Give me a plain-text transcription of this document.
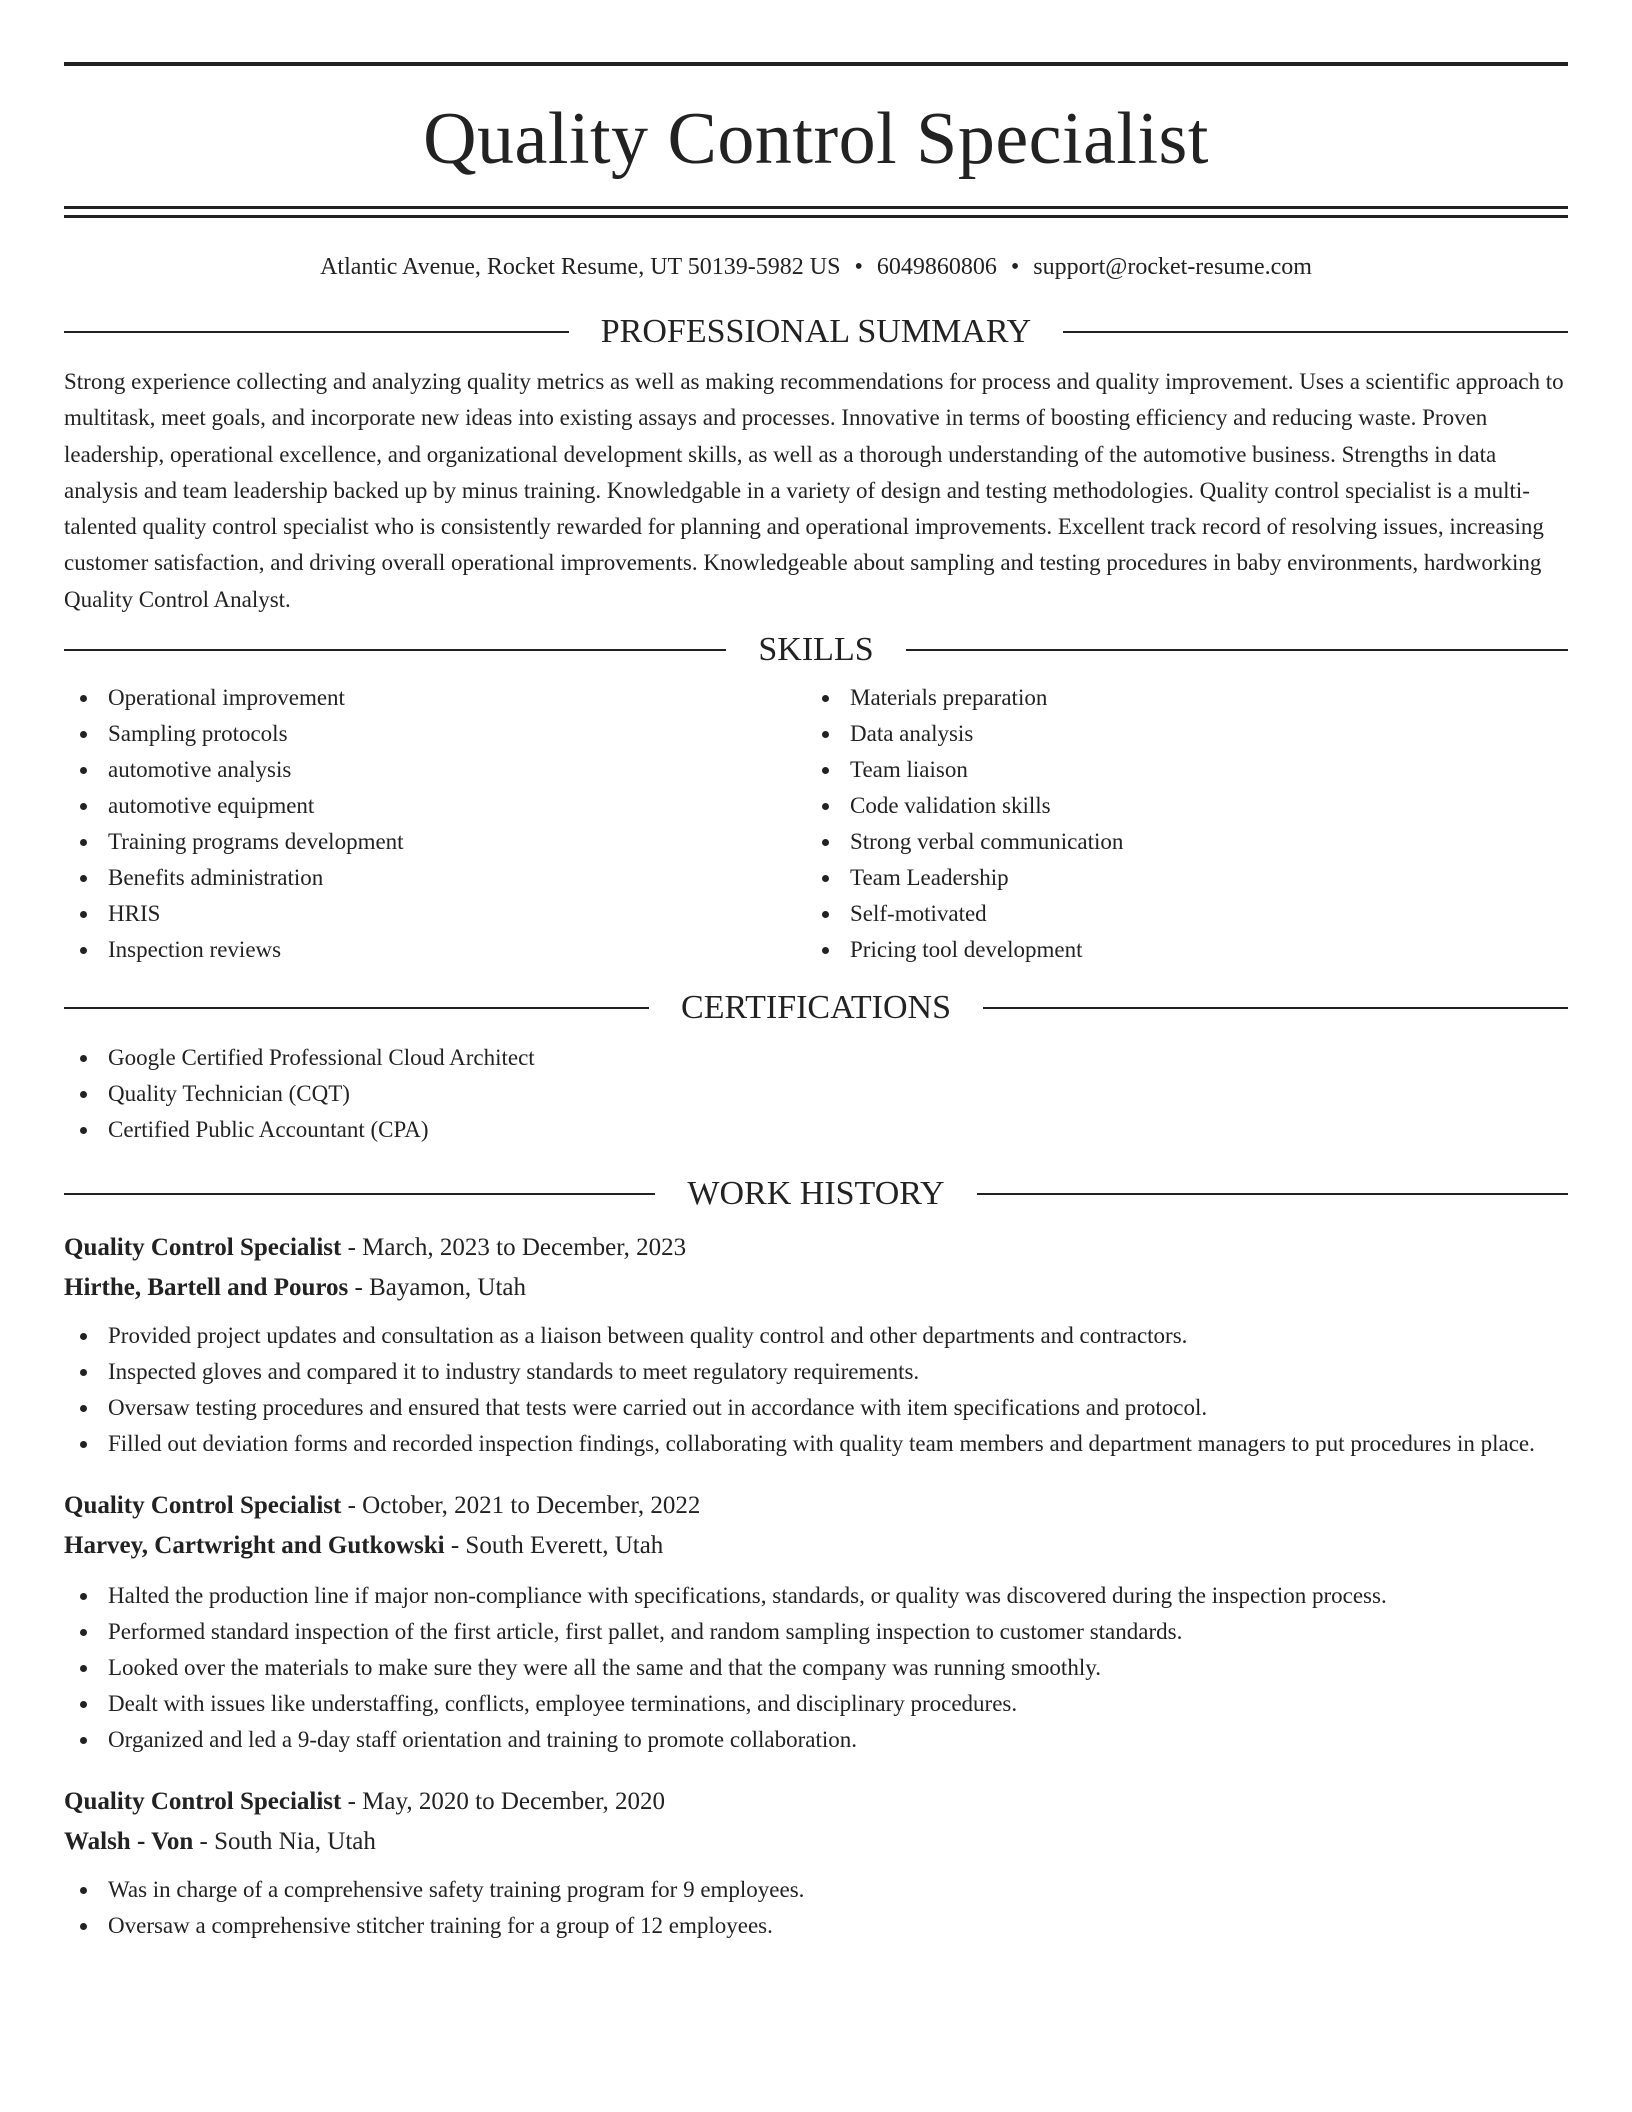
Quality Control Specialist
Atlantic Avenue, Rocket Resume, UT 50139-5982 US • 6049860806 • support@rocket-resume.com
PROFESSIONAL SUMMARY

Strong experience collecting and analyzing quality metrics as well as making recommendations for process and quality improvement. Uses a scientific approach to multitask, meet goals, and incorporate new ideas into existing assays and processes. Innovative in terms of boosting efficiency and reducing waste. Proven leadership, operational excellence, and organizational development skills, as well as a thorough understanding of the automotive business. Strengths in data analysis and team leadership backed up by minus training. Knowledgable in a variety of design and testing methodologies. Quality control specialist is a multi-talented quality control specialist who is consistently rewarded for planning and operational improvements. Excellent track record of resolving issues, increasing customer satisfaction, and driving overall operational improvements. Knowledgeable about sampling and testing procedures in baby environments, hardworking Quality Control Analyst.

SKILLS
Operational improvement
Sampling protocols
automotive analysis
automotive equipment
Training programs development
Benefits administration
HRIS
Inspection reviews
Materials preparation
Data analysis
Team liaison
Code validation skills
Strong verbal communication
Team Leadership
Self-motivated
Pricing tool development
CERTIFICATIONS
Google Certified Professional Cloud Architect
Quality Technician (CQT)
Certified Public Accountant (CPA)
WORK HISTORY
Quality Control Specialist - March, 2023 to December, 2023
Hirthe, Bartell and Pouros - Bayamon, Utah
Provided project updates and consultation as a liaison between quality control and other departments and contractors.
Inspected gloves and compared it to industry standards to meet regulatory requirements.
Oversaw testing procedures and ensured that tests were carried out in accordance with item specifications and protocol.
Filled out deviation forms and recorded inspection findings, collaborating with quality team members and department managers to put procedures in place.
Quality Control Specialist - October, 2021 to December, 2022
Harvey, Cartwright and Gutkowski - South Everett, Utah
Halted the production line if major non-compliance with specifications, standards, or quality was discovered during the inspection process.
Performed standard inspection of the first article, first pallet, and random sampling inspection to customer standards.
Looked over the materials to make sure they were all the same and that the company was running smoothly.
Dealt with issues like understaffing, conflicts, employee terminations, and disciplinary procedures.
Organized and led a 9-day staff orientation and training to promote collaboration.
Quality Control Specialist - May, 2020 to December, 2020
Walsh - Von - South Nia, Utah
Was in charge of a comprehensive safety training program for 9 employees.
Oversaw a comprehensive stitcher training for a group of 12 employees.
